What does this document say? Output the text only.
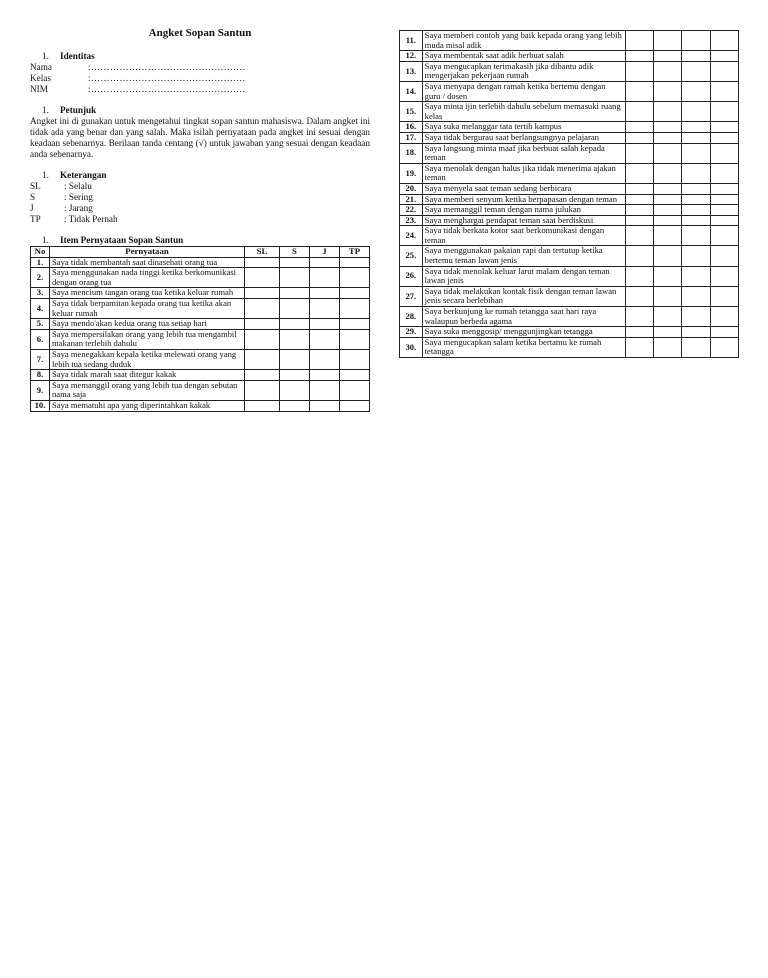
Angket Sopan Santun
1. Identitas
Nama	:………………………………………….
Kelas	:………………………………………….
NIM	:………………………………………….
1. Petunjuk

Angket ini di gunakan untuk mengetahui tingkat sopan santun mahasiswa. Dalam angket ini tidak ada yang benar dan yang salah. Maka isilah pernyataan pada angket ini sesuai dengan keadaan sebenarnya. Berilaan tanda centang (√) untuk jawaban yang sesuai dengan keadaan anda sebenarnya.

1. Keterangan
SL	: Selalu
S	: Sering
J	: Jarang
TP	: Tidak Pernah
1. Item Pernyataan Sopan Santun
No	Pernyataan	SL	S	J	TP
1.	Saya tidak membantah saat dinasehati orang tua				
2.	Saya menggunakan nada tinggi ketika berkomunikasi dengan orang tua				
3.	Saya mencium tangan orang tua ketika keluar rumah				
4.	Saya tidak berpamitan kepada orang tua ketika akan keluar rumah				
5.	Saya mendo'akan kedua orang tua setiap hari				
6.	Saya mempersilakan orang yang lebih tua mengambil makanan terlebih dahulu				
7.	Saya menegakkan kepala ketika melewati orang yang lebih tua sedang duduk				
8.	Saya tidak marah saat ditegur kakak				
9.	Saya memanggil orang yang lebih tua dengan sebutan nama saja				
10.	Saya mematuhi apa yang diperintahkan kakak				
11.	Saya memberi contoh yang baik kepada orang yang lebih muda misal adik				
12.	Saya membentak saat adik berbuat salah				
13.	Saya mengucapkan terimakasih jika dibantu adik mengerjakan pekerjaan rumah				
14.	Saya menyapa dengan ramah ketika bertemu dengan guru / dosen				
15.	Saya minta ijin terlebih dahulu sebelum memasuki ruang kelas				
16.	Saya suka melanggar tata tertib kampus				
17.	Saya tidak bergurau saat berlangsungnya pelajaran				
18.	Saya langsung minta maaf jika berbuat salah kepada teman				
19.	Saya menolak dengan halus jika tidak menerima ajakan teman				
20.	Saya menyela saat teman sedang berbicara				
21.	Saya memberi senyum ketika berpapasan dengan teman				
22.	Saya memanggil teman dengan nama julukan				
23.	Saya menghargai pendapat teman saat berdiskusi				
24.	Saya tidak berkata kotor saat berkomunikasi dengan teman				
25.	Saya menggunakan pakaian rapi dan tertutup ketika bertemu teman lawan jenis				
26.	Saya tidak menolak keluar larut malam dengan teman lawan jenis				
27.	Saya tidak melakukan kontak fisik dengan teman lawan jenis secara berlebihan				
28.	Saya berkunjung ke rumah tetangga saat hari raya walaupun berbeda agama				
29.	Saya suka menggosip/ menggunjingkan tetangga				
30.	Saya mengucapkan salam ketika bertamu ke rumah tetangga				
